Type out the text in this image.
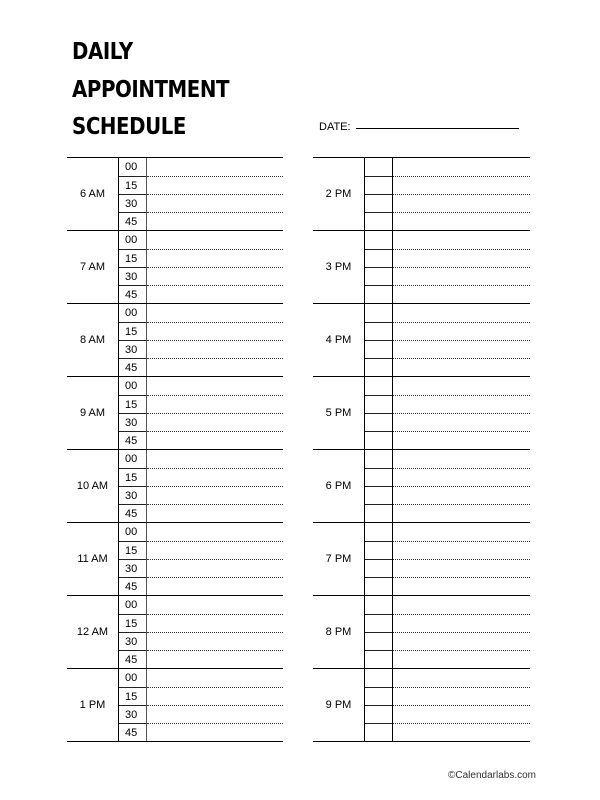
DAILY
APPOINTMENT
SCHEDULE	DATE:
6 AM
00
15
30
45
7 AM
00
15
30
45
8 AM
00
15
30
45
9 AM
00
15
30
45
10 AM
00
15
30
45
11 AM
00
15
30
45
12 AM
00
15
30
45
1 PM
00
15
30
45
2 PM
3 PM
4 PM
5 PM
6 PM
7 PM
8 PM
9 PM
©Calendarlabs.com
